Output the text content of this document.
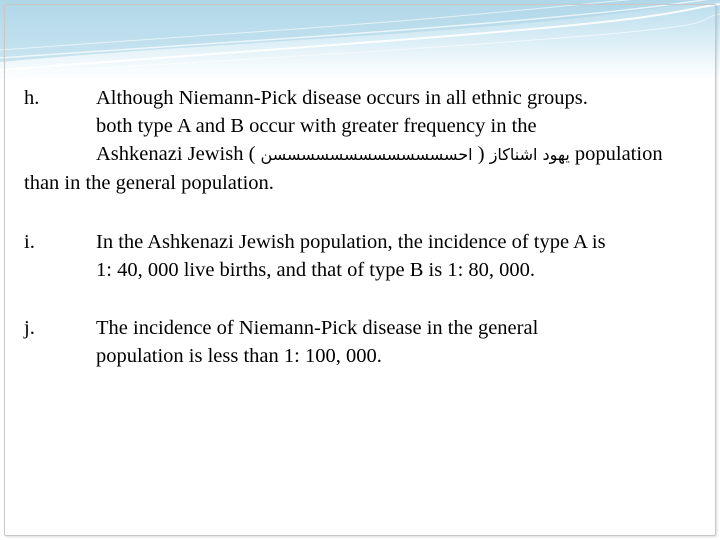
h.	Although Niemann-Pick disease occurs in all ethnic groups.
both type A and B occur with greater frequency in the
Ashkenazi Jewish ( احسسسسسسسسسسسسسن ) يهود اشناكاز population
than in the general population.
i.	In the Ashkenazi Jewish population, the incidence of type A is
1: 40, 000 live births, and that of type B is 1: 80, 000.
j.	The incidence of Niemann-Pick disease in the general
population is less than 1: 100, 000.
